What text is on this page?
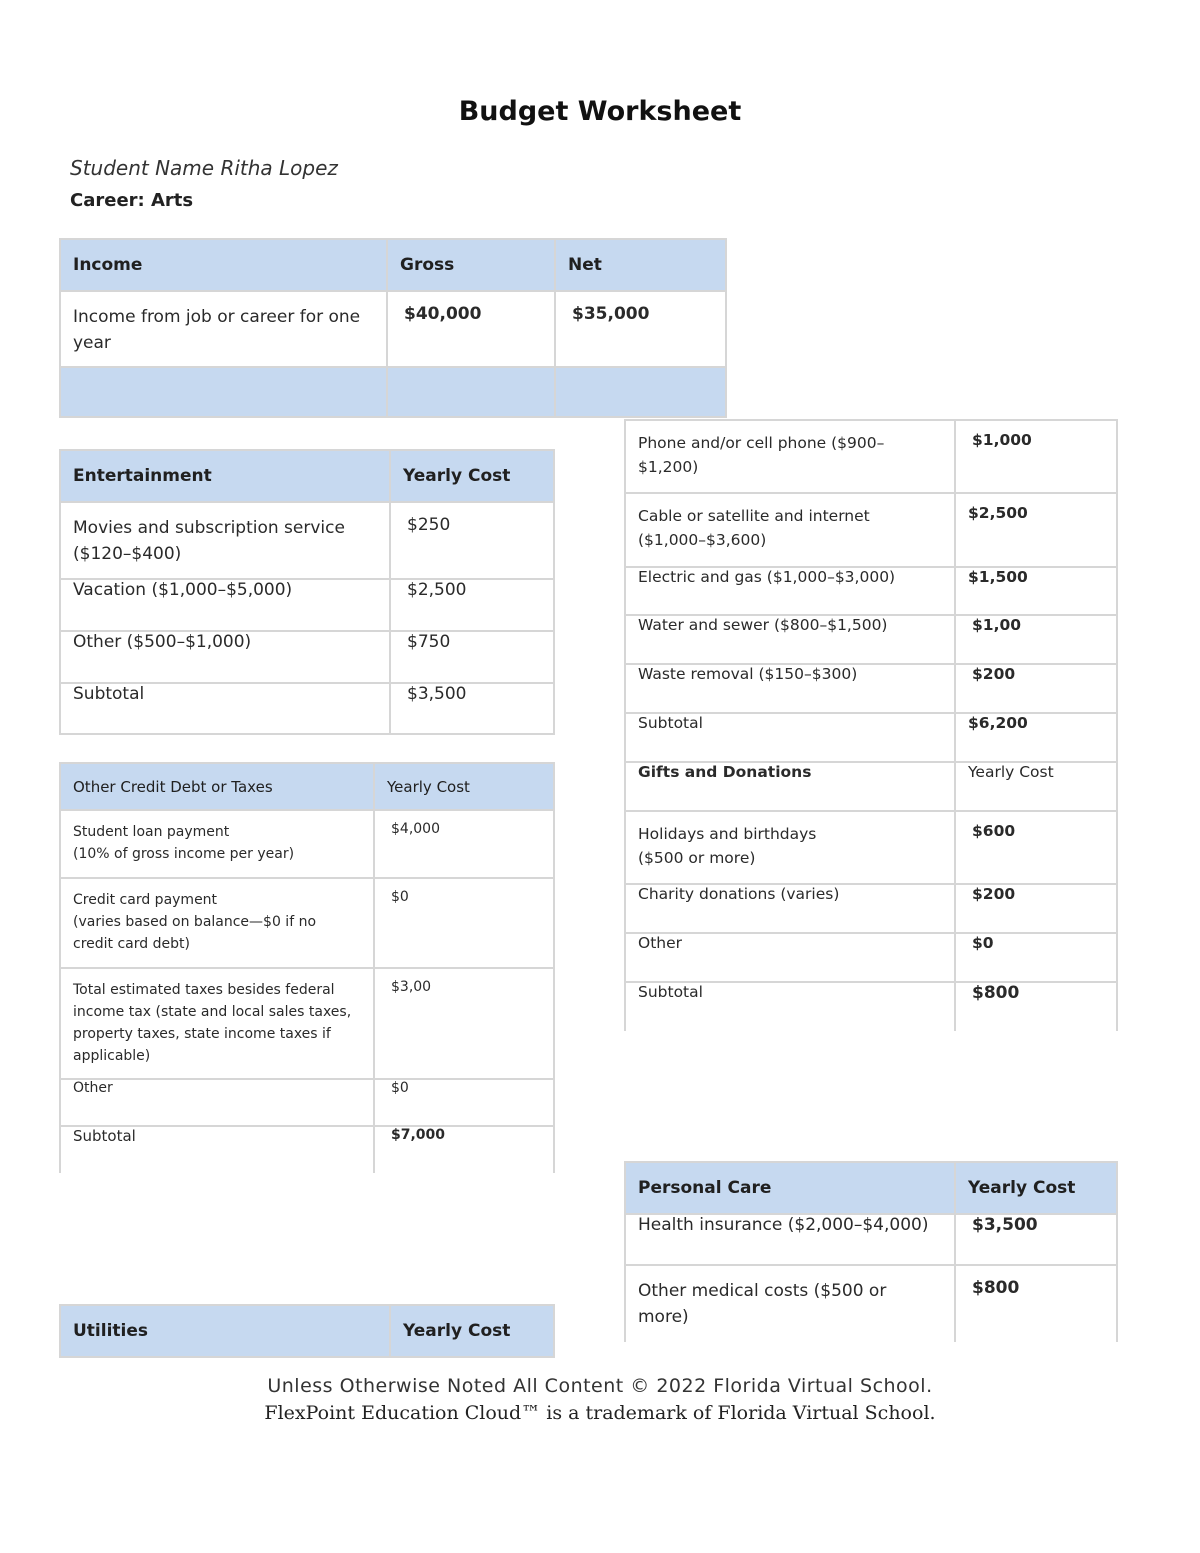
Budget Worksheet
Student Name Ritha Lopez
Career: Arts
Income	Gross	Net
Income from job or career for one year	$40,000	$35,000

Entertainment	Yearly Cost
Movies and subscription service ($120–$400)	$250
Vacation ($1,000–$5,000)	$2,500
Other ($500–$1,000)	$750
Subtotal	$3,500
Other Credit Debt or Taxes	Yearly Cost

Student loan payment
(10% of gross income per year)	$4,000

Credit card payment
(varies based on balance—$0 if no credit card debt)	$0
Total estimated taxes besides federal income tax (state and local sales taxes, property taxes, state income taxes if applicable)	$3,00
Other	$0
Subtotal	$7,000
Utilities	Yearly Cost
Phone and/or cell phone ($900–$1,200)	$1,000
Cable or satellite and internet ($1,000–$3,600)	$2,500
Electric and gas ($1,000–$3,000)	$1,500
Water and sewer ($800–$1,500)	$1,00
Waste removal ($150–$300)	$200
Subtotal	$6,200
Gifts and Donations	Yearly Cost

Holidays and birthdays
($500 or more)	$600
Charity donations (varies)	$200
Other	$0
Subtotal	$800
Personal Care	Yearly Cost
Health insurance ($2,000–$4,000)	$3,500
Other medical costs ($500 or more)	$800
Unless Otherwise Noted All Content © 2022 Florida Virtual School.
FlexPoint Education Cloud™ is a trademark of Florida Virtual School.
